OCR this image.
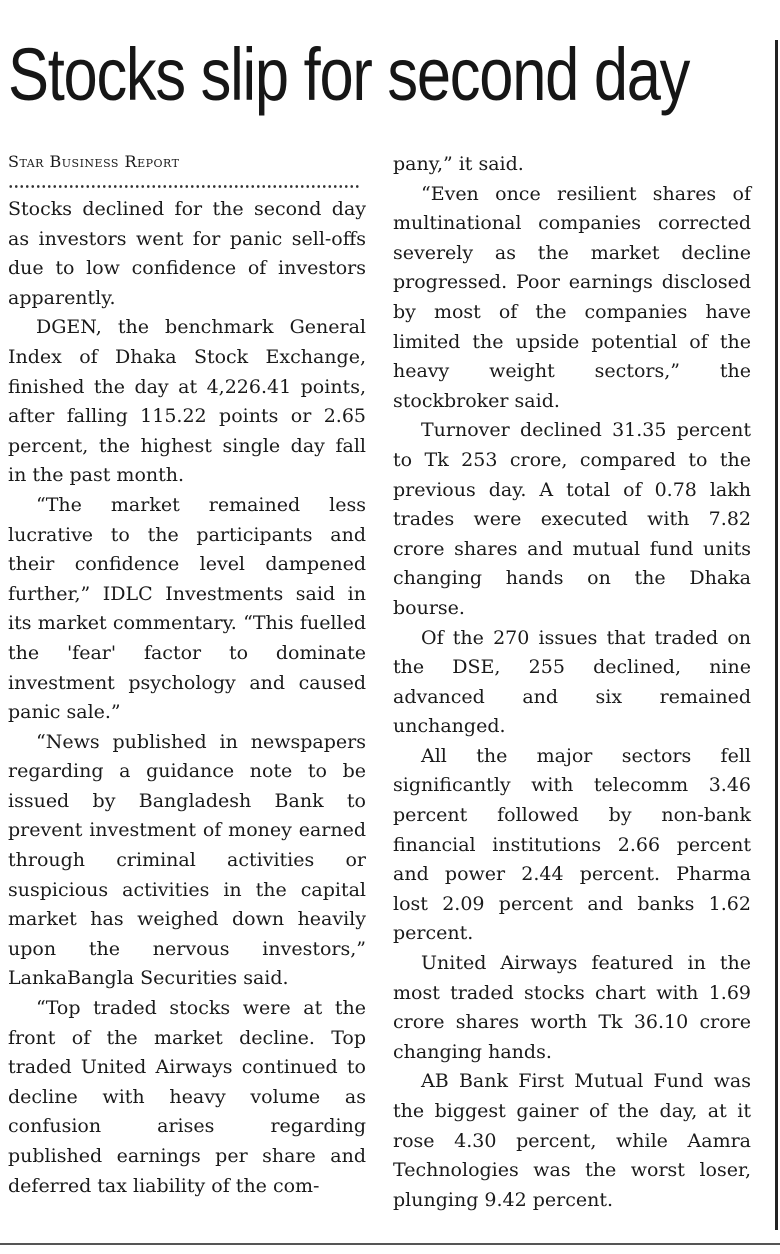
Stocks slip for second day

Star Business Report

Stocks declined for the second day as investors went for panic sell-offs due to low confidence of investors apparently.

DGEN, the benchmark General Index of Dhaka Stock Exchange, finished the day at 4,226.41 points, after falling 115.22 points or 2.65 percent, the highest single day fall in the past month.

“The market remained less lucrative to the participants and their confidence level dampened further,” IDLC Investments said in its market commentary. “This fuelled the 'fear' factor to dominate investment psychology and caused panic sale.”

“News published in newspapers regarding a guidance note to be issued by Bangladesh Bank to prevent investment of money earned through criminal activities or suspicious activities in the capital market has weighed down heavily upon the nervous investors,” LankaBangla Securities said.

“Top traded stocks were at the front of the market decline. Top traded United Airways continued to decline with heavy volume as confusion arises regarding published earnings per share and deferred tax liability of the com-

pany,” it said.

“Even once resilient shares of multinational companies corrected severely as the market decline progressed. Poor earnings disclosed by most of the companies have limited the upside potential of the heavy weight sectors,” the stockbroker said.

Turnover declined 31.35 percent to Tk 253 crore, compared to the previous day. A total of 0.78 lakh trades were executed with 7.82 crore shares and mutual fund units changing hands on the Dhaka bourse.

Of the 270 issues that traded on the DSE, 255 declined, nine advanced and six remained unchanged.

All the major sectors fell significantly with telecomm 3.46 percent followed by non-bank financial institutions 2.66 percent and power 2.44 percent. Pharma lost 2.09 percent and banks 1.62 percent.

United Airways featured in the most traded stocks chart with 1.69 crore shares worth Tk 36.10 crore changing hands.

AB Bank First Mutual Fund was the biggest gainer of the day, at it rose 4.30 percent, while Aamra Technologies was the worst loser, plunging 9.42 percent.
